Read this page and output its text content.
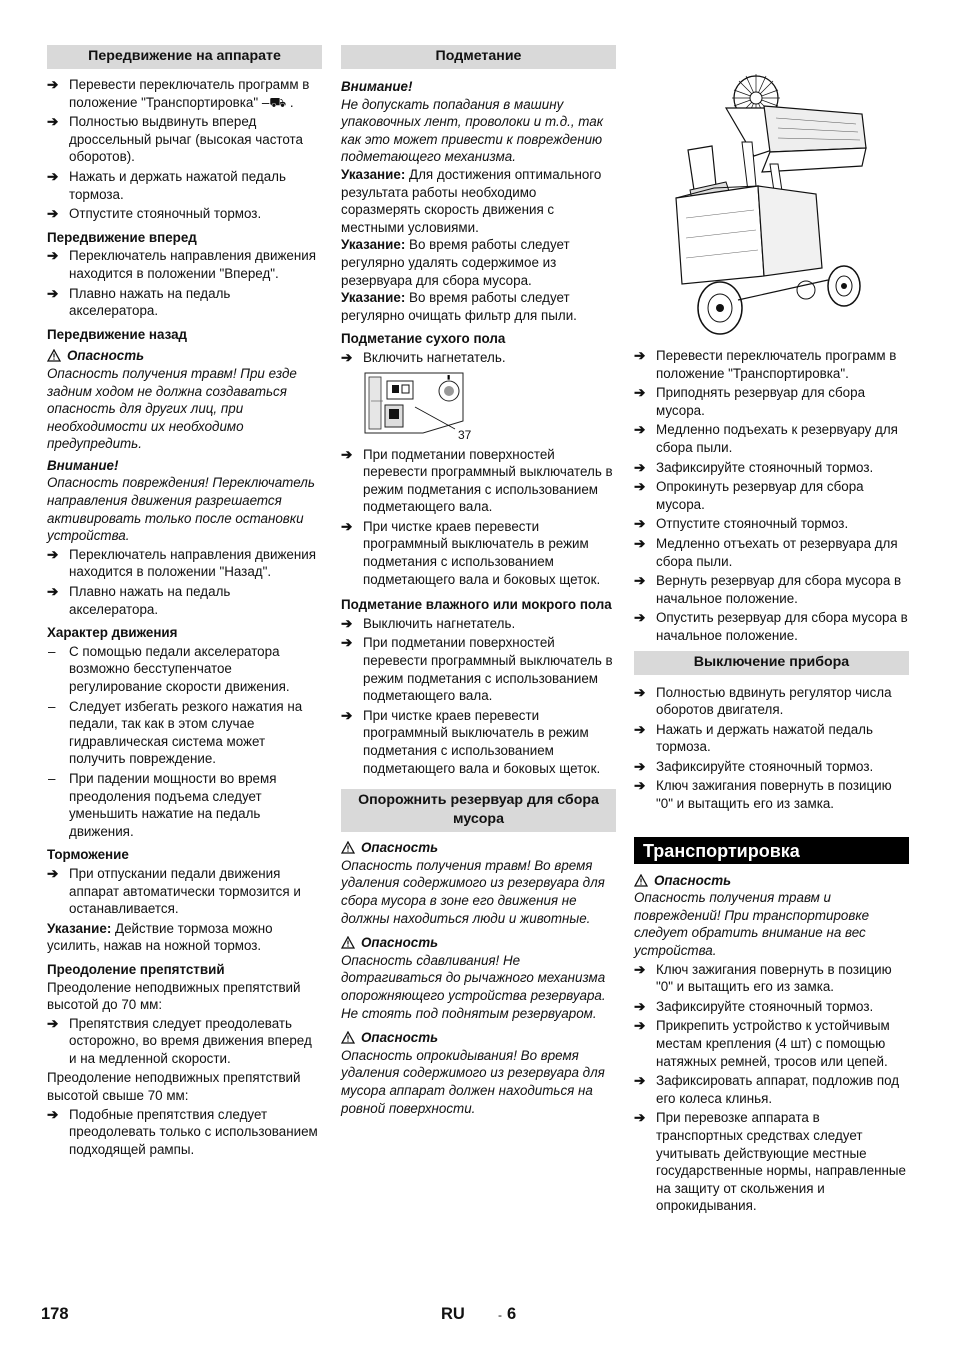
Передвижение на аппарате
➔ Перевести переключатель программ в положение "Транспортировка" –⛟ .
➔ Полностью выдвинуть вперед дроссельный рычаг (высокая частота оборотов).
➔ Нажать и держать нажатой педаль тормоза.
➔ Отпустите стояночный тормоз.
Передвижение вперед
➔ Переключатель направления движения находится в положении "Вперед".
➔ Плавно нажать на педаль акселератора.
Передвижение назад
Опасность
Опасность получения травм! При езде задним ходом не должна создаваться опасность для других лиц, при необходимости их необходимо предупредить.
Внимание!
Опасность повреждения! Переключатель направления движения разрешается активировать только после остановки устройства.
➔ Переключатель направления движения находится в положении "Назад".
➔ Плавно нажать на педаль акселератора.
Характер движения
– С помощью педали акселератора возможно бесступенчатое регулирование скорости движения.
– Следует избегать резкого нажатия на педали, так как в этом случае гидравлическая система может получить повреждение.
– При падении мощности во время преодоления подъема следует уменьшить нажатие на педаль движения.
Торможение
➔ При отпускании педали движения аппарат автоматически тормозится и останавливается.
Указание: Действие тормоза можно усилить, нажав на ножной тормоз.
Преодоление препятствий
Преодоление неподвижных препятствий высотой до 70 мм:
➔ Препятствия следует преодолевать осторожно, во время движения вперед и на медленной скорости.
Преодоление неподвижных препятствий высотой свыше 70 мм:
➔ Подобные препятствия следует преодолевать только с использованием подходящей рампы.
Подметание
Внимание!
Не допускать попадания в машину упаковочных лент, проволоки и т.д., так как это может привести к повреждению подметающего механизма.
Указание: Для достижения оптимального результата работы необходимо соразмерять скорость движения с местными условиями.
Указание: Во время работы следует регулярно удалять содержимое из резервуара для сбора мусора.
Указание: Во время работы следует регулярно очищать фильтр для пыли.
Подметание сухого пола
➔ Включить нагнетатель.
▮
37
➔ При подметании поверхностей перевести программный выключатель в режим подметания с использованием подметающего вала.
➔ При чистке краев перевести программный выключатель в режим подметания с использованием подметающего вала и боковых щеток.
Подметание влажного или мокрого пола
➔ Выключить нагнетатель.
➔ При подметании поверхностей перевести программный выключатель в режим подметания с использованием подметающего вала.
➔ При чистке краев перевести программный выключатель в режим подметания с использованием подметающего вала и боковых щеток.
Опорожнить резервуар для сбора мусора
Опасность
Опасность получения травм! Во время удаления содержимого из резервуара для сбора мусора в зоне его движения не должны находиться люди и животные.
Опасность
Опасность сдавливания! Не дотрагиваться до рычажного механизма опорожняющего устройства резервуара. Не стоять под поднятым резервуаром.
Опасность
Опасность опрокидывания! Во время удаления содержимого из резервуара для мусора аппарат должен находиться на ровной поверхности.
➔ Перевести переключатель программ в положение "Транспортировка".
➔ Приподнять резервуар для сбора мусора.
➔ Медленно подъехать к резервуару для сбора пыли.
➔ Зафиксируйте стояночный тормоз.
➔ Опрокинуть резервуар для сбора мусора.
➔ Отпустите стояночный тормоз.
➔ Медленно отъехать от резервуара для сбора пыли.
➔ Вернуть резервуар для сбора мусора в начальное положение.
➔ Опустить резервуар для сбора мусора в начальное положение.
Выключение прибора
➔ Полностью вдвинуть регулятор числа оборотов двигателя.
➔ Нажать и держать нажатой педаль тормоза.
➔ Зафиксируйте стояночный тормоз.
➔ Ключ зажигания повернуть в позицию "0" и вытащить его из замка.
Транспортировка
Опасность
Опасность получения травм и повреждений! При транспортировке следует обратить внимание на вес устройства.
➔ Ключ зажигания повернуть в позицию "0" и вытащить его из замка.
➔ Зафиксируйте стояночный тормоз.
➔ Прикрепить устройство к устойчивым местам крепления (4 шт) с помощью натяжных ремней, тросов или цепей.
➔ Зафиксировать аппарат, подложив под его колеса клинья.
➔ При перевозке аппарата в транспортных средствах следует учитывать действующие местные государственные нормы, направленные на защиту от скольжения и опрокидывания.
178	RU	- 6
